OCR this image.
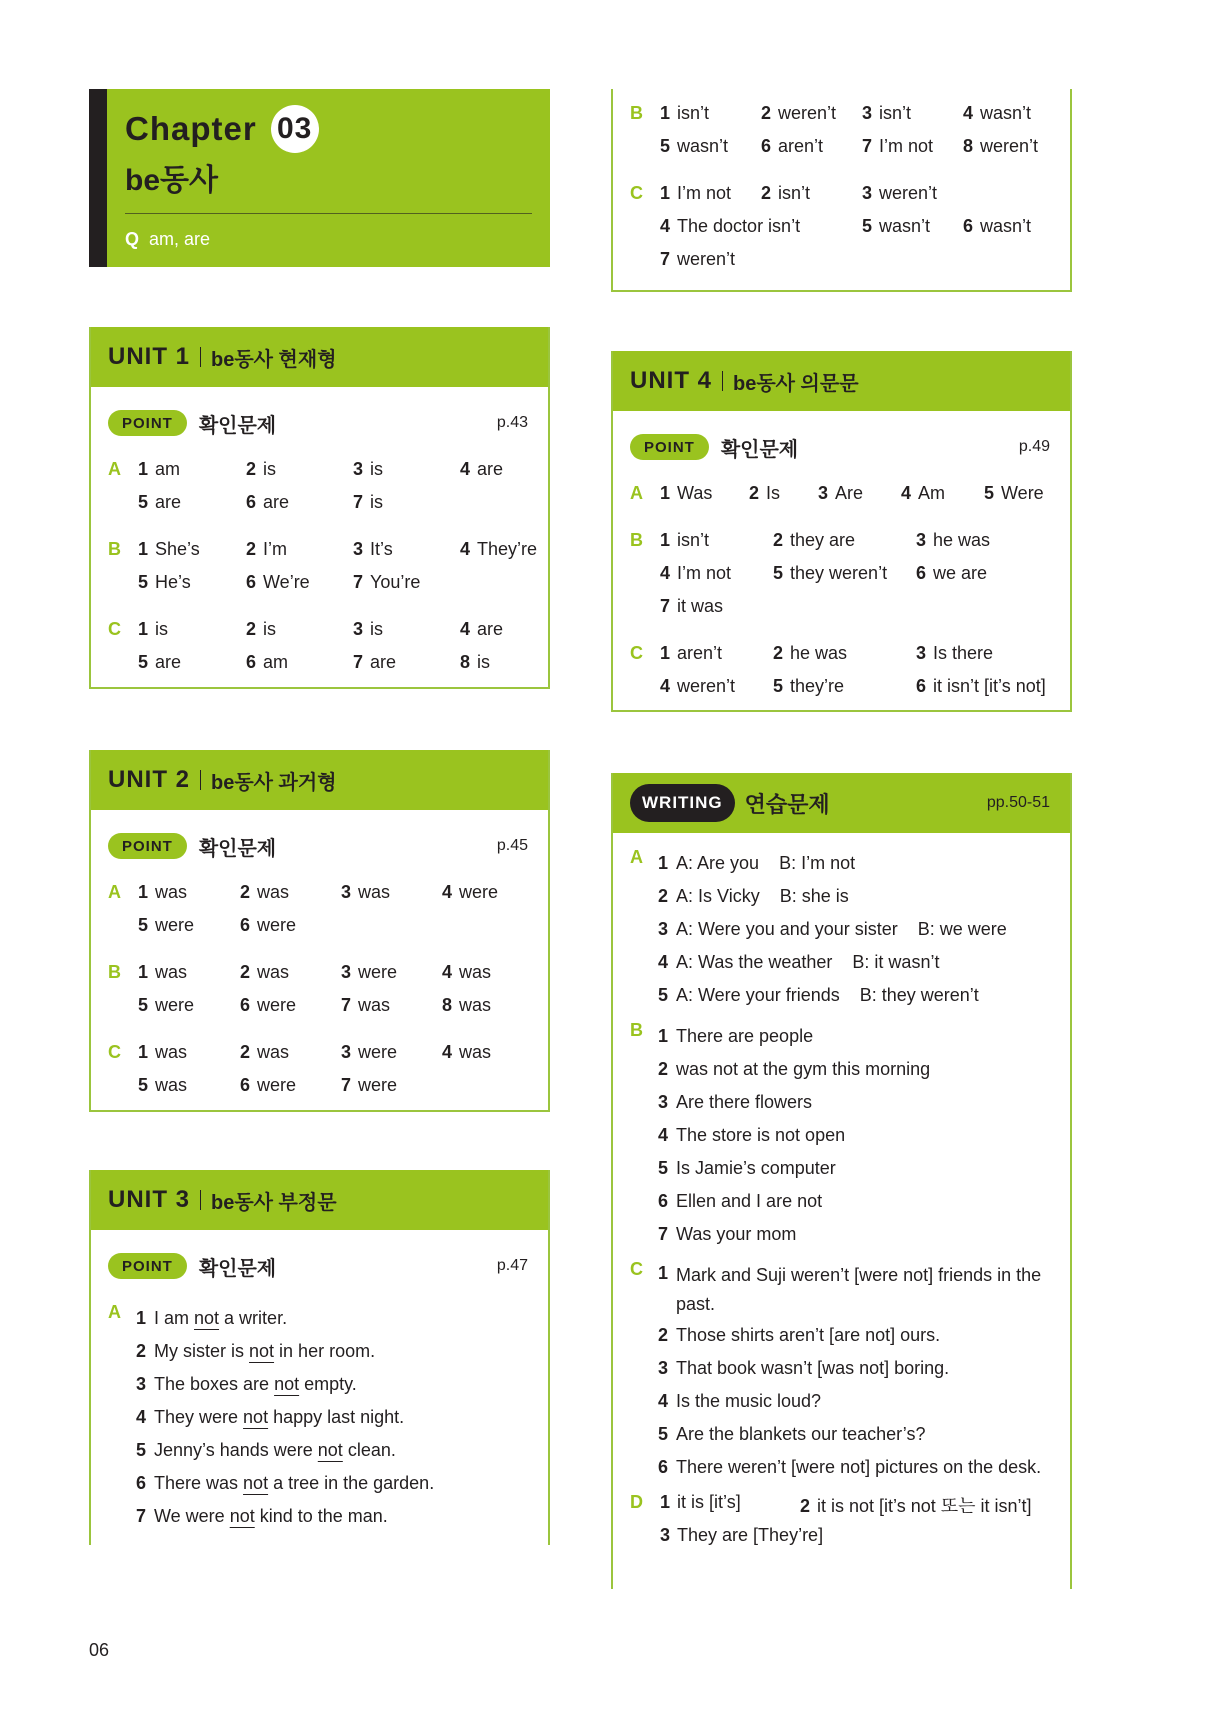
Chapter 03
be동사
Q am, are
UNIT 1 be동사 현재형
POINT	확인문제	p.43
A 1 am	2 is	3 is	4 are
5 are	6 are	7 is
B 1 She’s	2 I’m	3 It’s	4 They’re
5 He’s	6 We’re 7 You’re
C 1 is	2 is	3 is	4 are
5 are	6 am	7 are	8 is
UNIT 2 be동사 과거형
POINT	확인문제	p.45
A 1 was	2 was	3 was	4 were
5 were	6 were
B 1 was	2 was	3 were 4 was
5 were	6 were 7 was	8 was
C 1 was	2 was	3 were 4 was
5 was	6 were 7 were
UNIT 3 be동사 부정문
POINT	확인문제	p.47
A 1 I am not a writer.
2 My sister is not in her room.
3 The boxes are not empty.
4 They were not happy last night.
5 Jenny’s hands were not clean.
6 There was not a tree in the garden.
7 We were not kind to the man.
B 1 isn’t	2 weren’t 3 isn’t	4 wasn’t
5 wasn’t 6 aren’t 7 I’m not 8 weren’t
C 1 I’m not 2 isn’t	3 weren’t
4 The doctor isn’t	5 wasn’t 6 wasn’t
7 weren’t
UNIT 4 be동사 의문문
POINT	확인문제	p.49
A 1 Was 2 Is 3 Are 4 Am 5 Were
B 1 isn’t	2 they are	3 he was
4 I’m not 5 they weren’t 6 we are
7 it was
C 1 aren’t	2 he was	3 Is there
4 weren’t 5 they’re	6 it isn’t [it’s not]
WRITING	연습문제	pp.50-51
A 1 A: Are you B: I’m not
2 A: Is Vicky B: she is
3 A: Were you and your sister B: we were
4 A: Was the weather B: it wasn’t
5 A: Were your friends B: they weren’t
B 1 There are people
2 was not at the gym this morning
3 Are there flowers
4 The store is not open
5 Is Jamie’s computer
6 Ellen and I are not
7 Was your mom
C 1 Mark and Suji weren’t [were not] friends in the past.
2 Those shirts aren’t [are not] ours.
3 That book wasn’t [was not] boring.
4 Is the music loud?
5 Are the blankets our teacher’s?
6 There weren’t [were not] pictures on the desk.
D 1 it is [it’s]	2 it is not [it’s not 또는 it isn’t]
3 They are [They’re]
06
